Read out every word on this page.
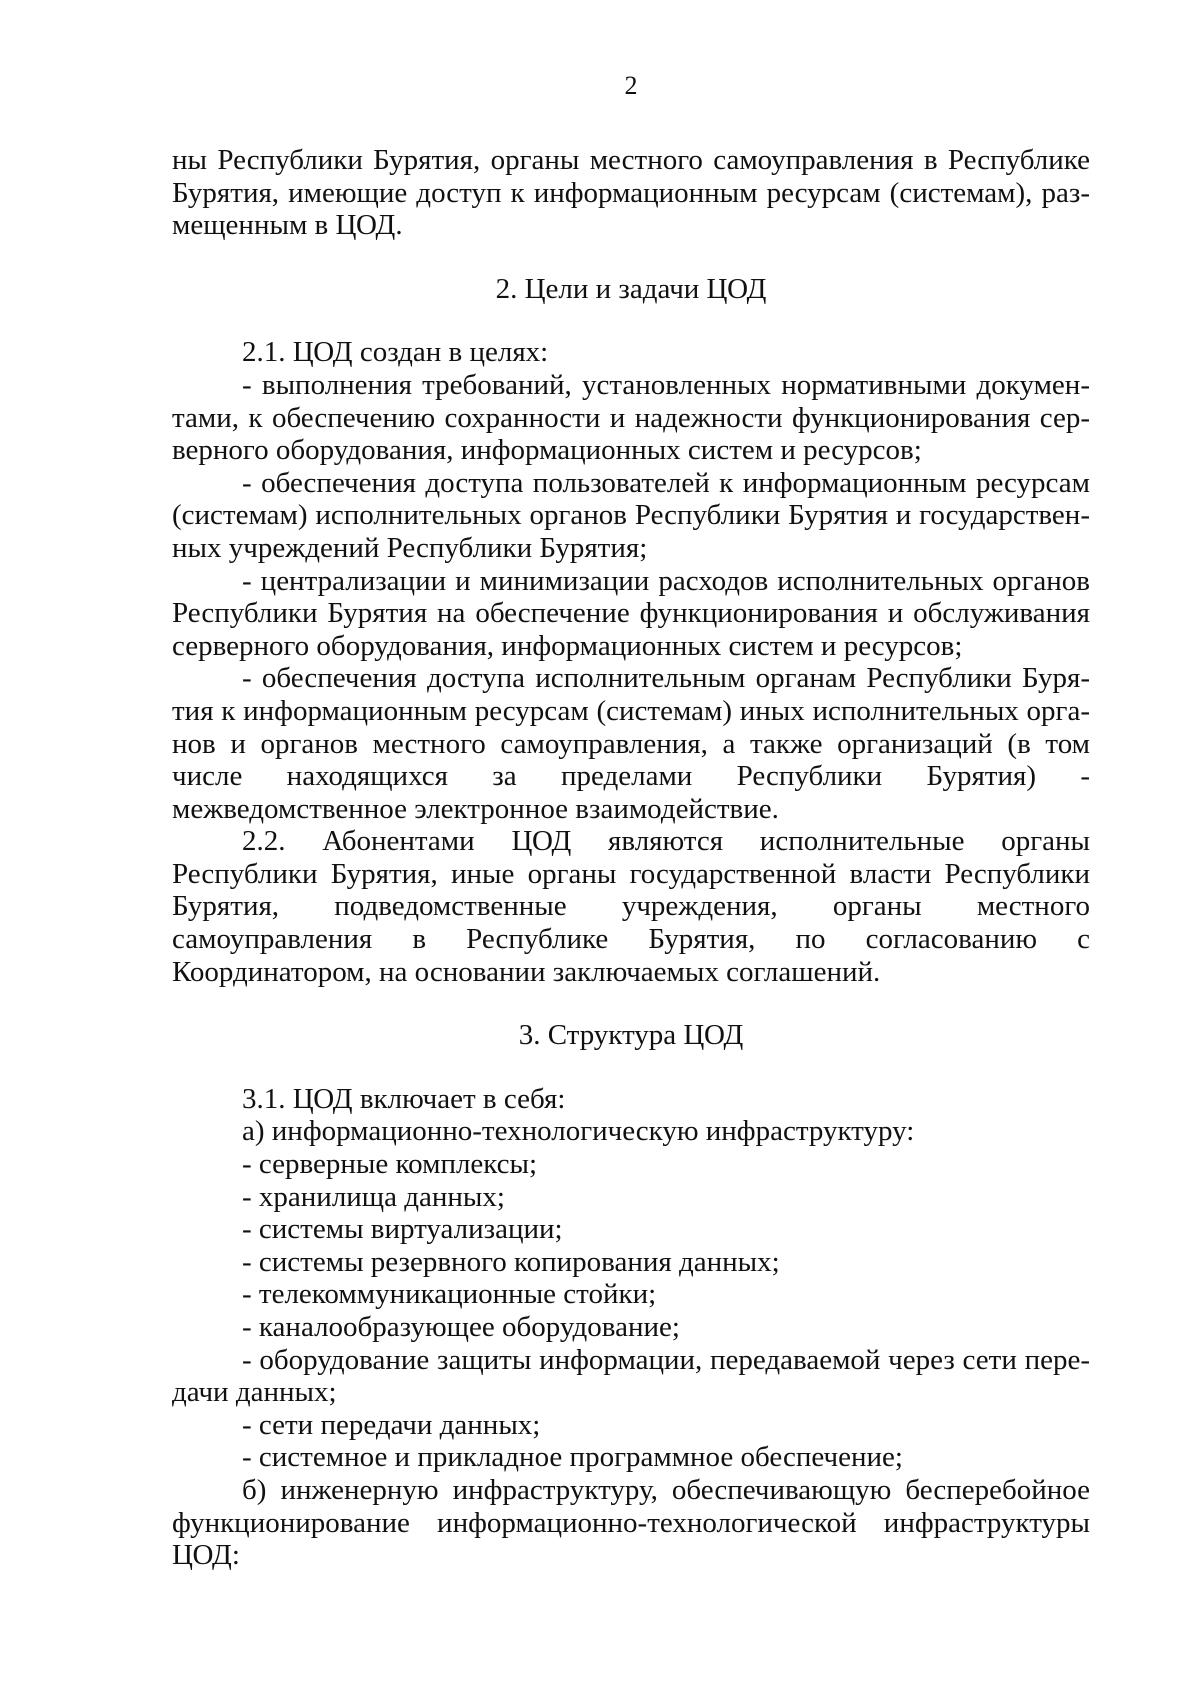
2

ны Республики Бурятия, органы местного самоуправления в Республике Бурятия, имеющие доступ к информационным ресурсам (системам), размещенным в ЦОД.

2. Цели и задачи ЦОД

2.1. ЦОД создан в целях:

- выполнения требований, установленных нормативными документами, к обеспечению сохранности и надежности функционирования серверного оборудования, информационных систем и ресурсов;

- обеспечения доступа пользователей к информационным ресурсам (системам) исполнительных органов Республики Бурятия и государственных учреждений Республики Бурятия;

- централизации и минимизации расходов исполнительных органов Республики Бурятия на обеспечение функционирования и обслуживания серверного оборудования, информационных систем и ресурсов;

- обеспечения доступа исполнительным органам Республики Бурятия к информационным ресурсам (системам) иных исполнительных органов и органов местного самоуправления, а также организаций (в том числе находящихся за пределами Республики Бурятия) - межведомственное электронное взаимодействие.

2.2. Абонентами ЦОД являются исполнительные органы Республики Бурятия, иные органы государственной власти Республики Бурятия, подведомственные учреждения, органы местного самоуправления в Республике Бурятия, по согласованию с Координатором, на основании заключаемых соглашений.

3. Структура ЦОД

3.1. ЦОД включает в себя:

а) информационно-технологическую инфраструктуру:

- серверные комплексы;

- хранилища данных;

- системы виртуализации;

- системы резервного копирования данных;

- телекоммуникационные стойки;

- каналообразующее оборудование;

- оборудование защиты информации, передаваемой через сети передачи данных;

- сети передачи данных;

- системное и прикладное программное обеспечение;

б) инженерную инфраструктуру, обеспечивающую бесперебойное функционирование информационно-технологической инфраструктуры ЦОД:
